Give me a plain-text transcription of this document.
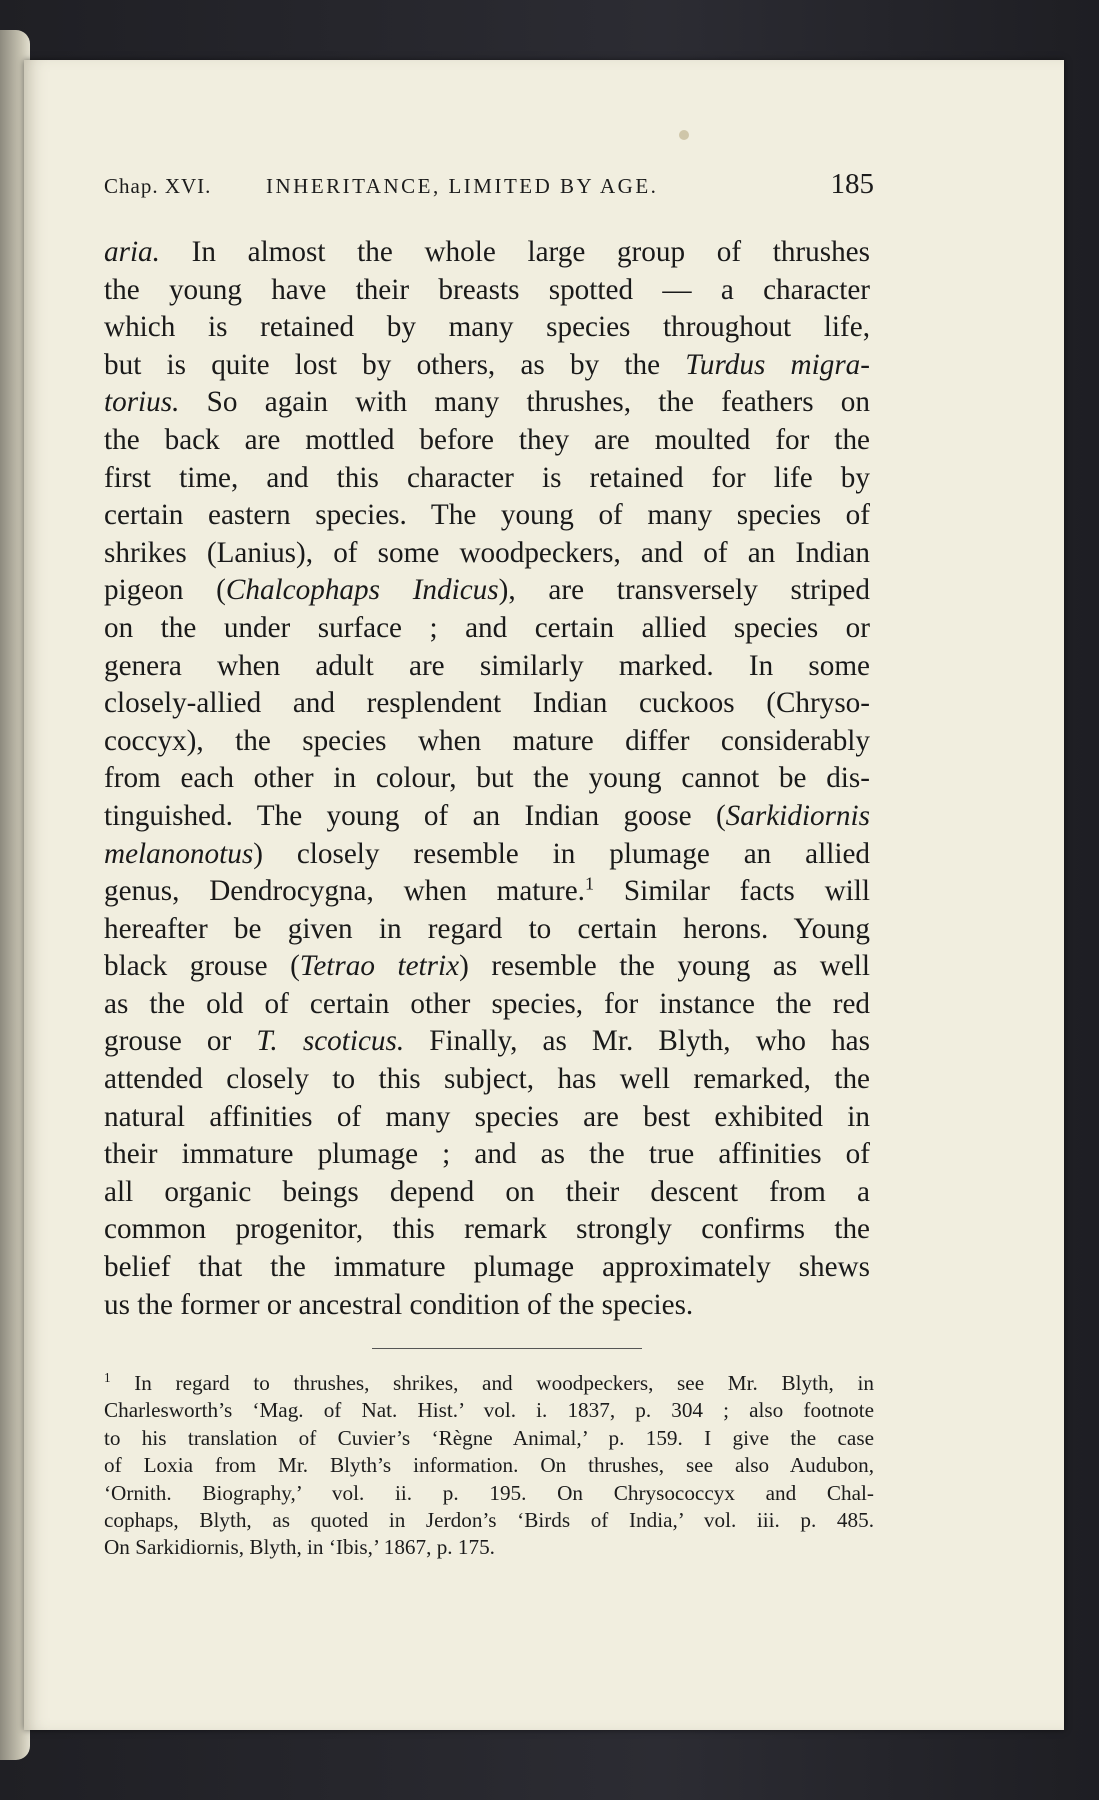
Chap. XVI.	INHERITANCE, LIMITED BY AGE.	185
aria. In almost the whole large group of thrushes
the young have their breasts spotted — a character
which is retained by many species throughout life,
but is quite lost by others, as by the Turdus migra-
torius. So again with many thrushes, the feathers on
the back are mottled before they are moulted for the
first time, and this character is retained for life by
certain eastern species. The young of many species of
shrikes (Lanius), of some woodpeckers, and of an Indian
pigeon (Chalcophaps Indicus), are transversely striped
on the under surface ; and certain allied species or
genera when adult are similarly marked. In some
closely-allied and resplendent Indian cuckoos (Chryso-
coccyx), the species when mature differ considerably
from each other in colour, but the young cannot be dis-
tinguished. The young of an Indian goose (Sarkidiornis
melanonotus) closely resemble in plumage an allied
genus, Dendrocygna, when mature.$^1$ Similar facts will
hereafter be given in regard to certain herons. Young
black grouse (Tetrao tetrix) resemble the young as well
as the old of certain other species, for instance the red
grouse or T. scoticus. Finally, as Mr. Blyth, who has
attended closely to this subject, has well remarked, the
natural affinities of many species are best exhibited in
their immature plumage ; and as the true affinities of
all organic beings depend on their descent from a
common progenitor, this remark strongly confirms the
belief that the immature plumage approximately shews
us the former or ancestral condition of the species.
$^1$ In regard to thrushes, shrikes, and woodpeckers, see Mr. Blyth, in
Charlesworth’s ‘Mag. of Nat. Hist.’ vol. i. 1837, p. 304 ; also footnote
to his translation of Cuvier’s ‘Règne Animal,’ p. 159. I give the case
of Loxia from Mr. Blyth’s information. On thrushes, see also Audubon,
‘Ornith. Biography,’ vol. ii. p. 195. On Chrysococcyx and Chal-
cophaps, Blyth, as quoted in Jerdon’s ‘Birds of India,’ vol. iii. p. 485.
On Sarkidiornis, Blyth, in ‘Ibis,’ 1867, p. 175.
